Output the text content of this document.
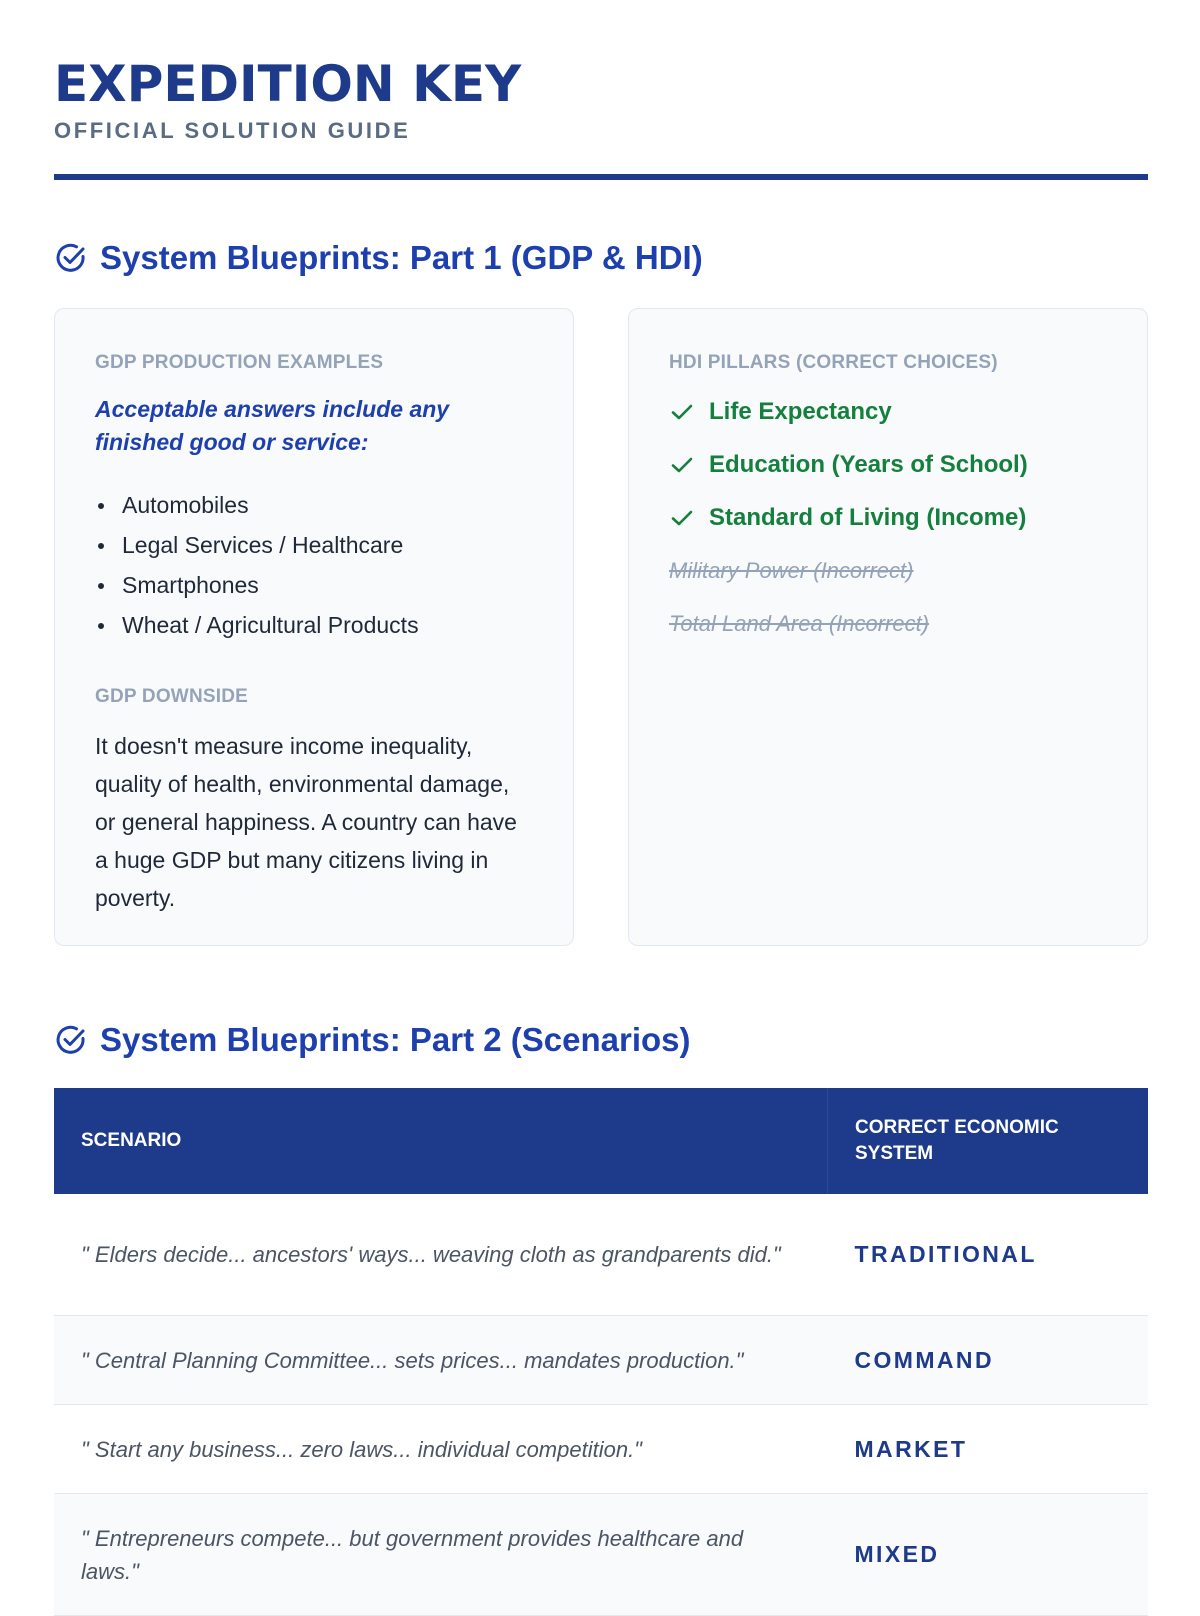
EXPEDITION KEY
OFFICIAL SOLUTION GUIDE
System Blueprints: Part 1 (GDP & HDI)

GDP PRODUCTION EXAMPLES

Acceptable answers include any finished good or service:
Automobiles
Legal Services / Healthcare
Smartphones
Wheat / Agricultural Products

GDP DOWNSIDE

It doesn't measure income inequality, quality of health, environmental damage, or general happiness. A country can have a huge GDP but many citizens living in poverty.

HDI PILLARS (CORRECT CHOICES)

Life Expectancy
Education (Years of School)
Standard of Living (Income)
Military Power (Incorrect)
Total Land Area (Incorrect)
System Blueprints: Part 2 (Scenarios)
SCENARIO	CORRECT ECONOMIC SYSTEM
" Elders decide... ancestors' ways... weaving cloth as grandparents did."	TRADITIONAL
" Central Planning Committee... sets prices... mandates production."	COMMAND
" Start any business... zero laws... individual competition."	MARKET
" Entrepreneurs compete... but government provides healthcare and laws."	MIXED
